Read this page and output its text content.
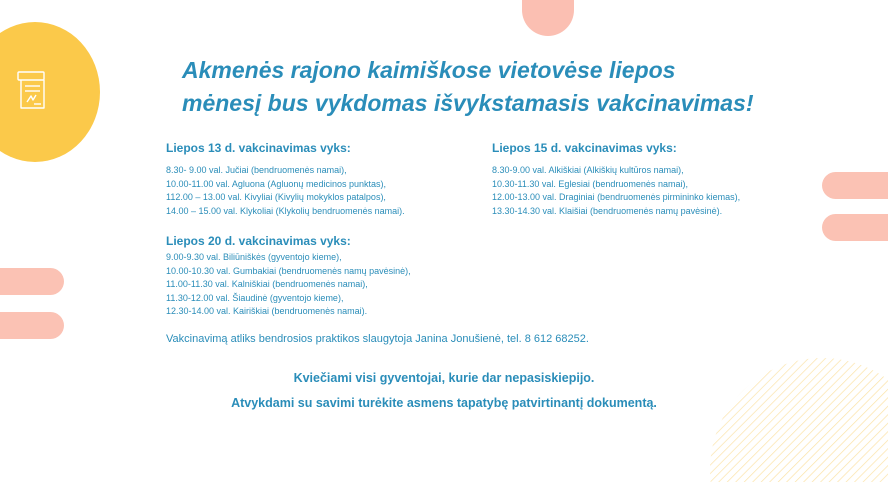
Akmenės rajono kaimiškose vietovėse liepos
mėnesį bus vykdomas išvykstamasis vakcinavimas!
Liepos 13 d. vakcinavimas vyks:
8.30- 9.00 val. Jučiai (bendruomenės namai),
10.00-11.00 val. Agluona (Agluonų medicinos punktas),
112.00 – 13.00 val. Kivyliai (Kivylių mokyklos patalpos),
14.00 – 15.00 val. Klykoliai (Klykolių bendruomenės namai).
Liepos 15 d. vakcinavimas vyks:
8.30-9.00 val. Alkiškiai (Alkiškių kultūros namai),
10.30-11.30 val. Eglesiai (bendruomenės namai),
12.00-13.00 val. Draginiai (bendruomenės pirmininko kiemas),
13.30-14.30 val. Klaišiai (bendruomenės namų pavėsinė).
Liepos 20 d. vakcinavimas vyks:
9.00-9.30 val. Biliūniškės (gyventojo kieme),
10.00-10.30 val. Gumbakiai (bendruomenės namų pavėsinė),
11.00-11.30 val. Kalniškiai (bendruomenės namai),
11.30-12.00 val. Šiaudinė (gyventojo kieme),
12.30-14.00 val. Kairiškiai (bendruomenės namai).

Vakcinavimą atliks bendrosios praktikos slaugytoja Janina Jonušienė, tel. 8 612 68252.

Kviečiami visi gyventojai, kurie dar nepasiskiepijo.

Atvykdami su savimi turėkite asmens tapatybę patvirtinantį dokumentą.
